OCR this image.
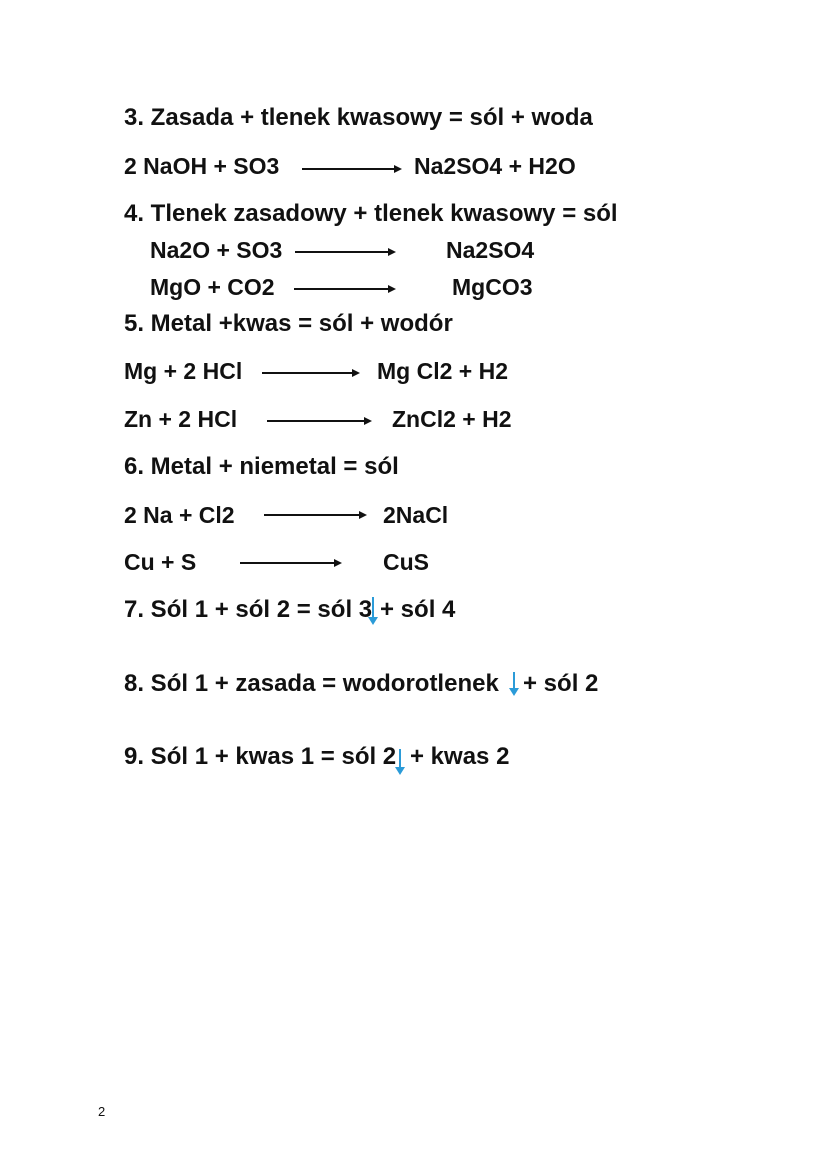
3. Zasada + tlenek kwasowy = sól + woda
2 NaOH + SO3	Na2SO4 + H2O
4. Tlenek zasadowy + tlenek kwasowy = sól
Na2O + SO3	Na2SO4
MgO + CO2	MgCO3
5. Metal +kwas = sól + wodór
Mg + 2 HCl	Mg Cl2 + H2
Zn + 2 HCl	ZnCl2 + H2
6. Metal + niemetal = sól
2 Na + Cl2	2NaCl
Cu + S	CuS
7. Sól 1 + sól 2 = sól 3 + sól 4
8. Sól 1 + zasada = wodorotlenek + sól 2
9. Sól 1 + kwas 1 = sól 2 + kwas 2
2
